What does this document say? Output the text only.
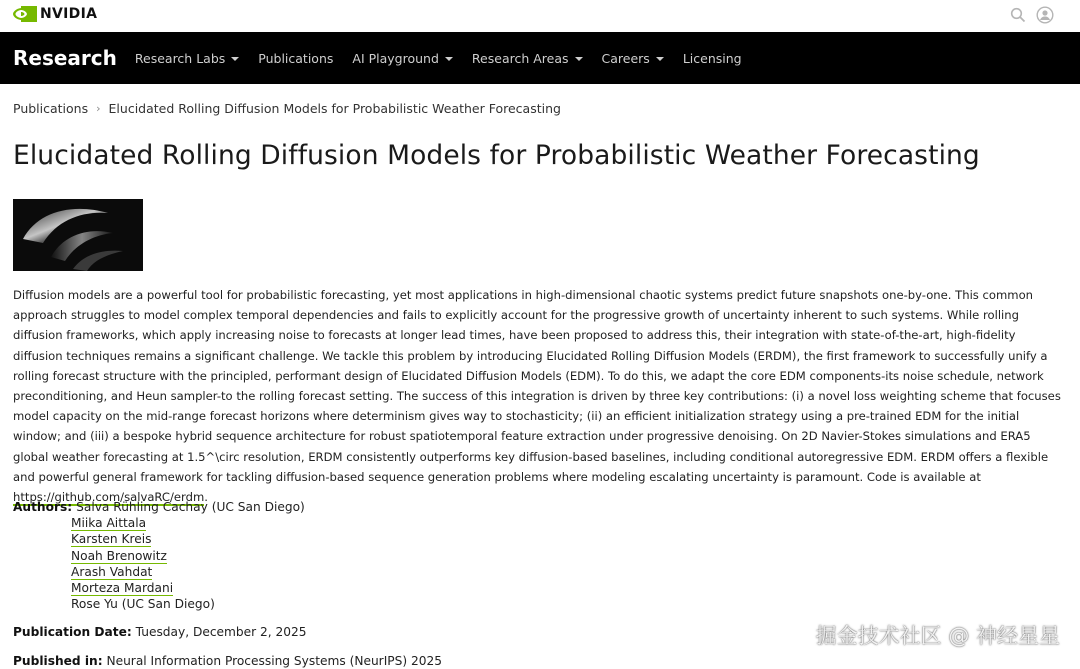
NVIDIA
Research Research Labs	Publications AI Playground	Research Areas	Careers	Licensing
Publications › Elucidated Rolling Diffusion Models for Probabilistic Weather Forecasting
Elucidated Rolling Diffusion Models for Probabilistic Weather Forecasting

Diffusion models are a powerful tool for probabilistic forecasting, yet most applications in high-dimensional chaotic systems predict future snapshots one-by-one. This common approach struggles to model complex temporal dependencies and fails to explicitly account for the progressive growth of uncertainty inherent to such systems. While rolling diffusion frameworks, which apply increasing noise to forecasts at longer lead times, have been proposed to address this, their integration with state-of-the-art, high-fidelity diffusion techniques remains a significant challenge. We tackle this problem by introducing Elucidated Rolling Diffusion Models (ERDM), the first framework to successfully unify a rolling forecast structure with the principled, performant design of Elucidated Diffusion Models (EDM). To do this, we adapt the core EDM components-its noise schedule, network preconditioning, and Heun sampler-to the rolling forecast setting. The success of this integration is driven by three key contributions: (i) a novel loss weighting scheme that focuses model capacity on the mid-range forecast horizons where determinism gives way to stochasticity; (ii) an efficient initialization strategy using a pre-trained EDM for the initial window; and (iii) a bespoke hybrid sequence architecture for robust spatiotemporal feature extraction under progressive denoising. On 2D Navier-Stokes simulations and ERA5 global weather forecasting at 1.5^\circ resolution, ERDM consistently outperforms key diffusion-based baselines, including conditional autoregressive EDM. ERDM offers a flexible and powerful general framework for tackling diffusion-based sequence generation problems where modeling escalating uncertainty is paramount. Code is available at https://github.com/salvaRC/erdm.

Authors: Salva Rühling Cachay (UC San Diego)
Miika Aittala
Karsten Kreis
Noah Brenowitz
Arash Vahdat
Morteza Mardani
Rose Yu (UC San Diego)
Publication Date: Tuesday, December 2, 2025
Published in: Neural Information Processing Systems (NeurIPS) 2025
掘金技术社区 @ 神经星星
